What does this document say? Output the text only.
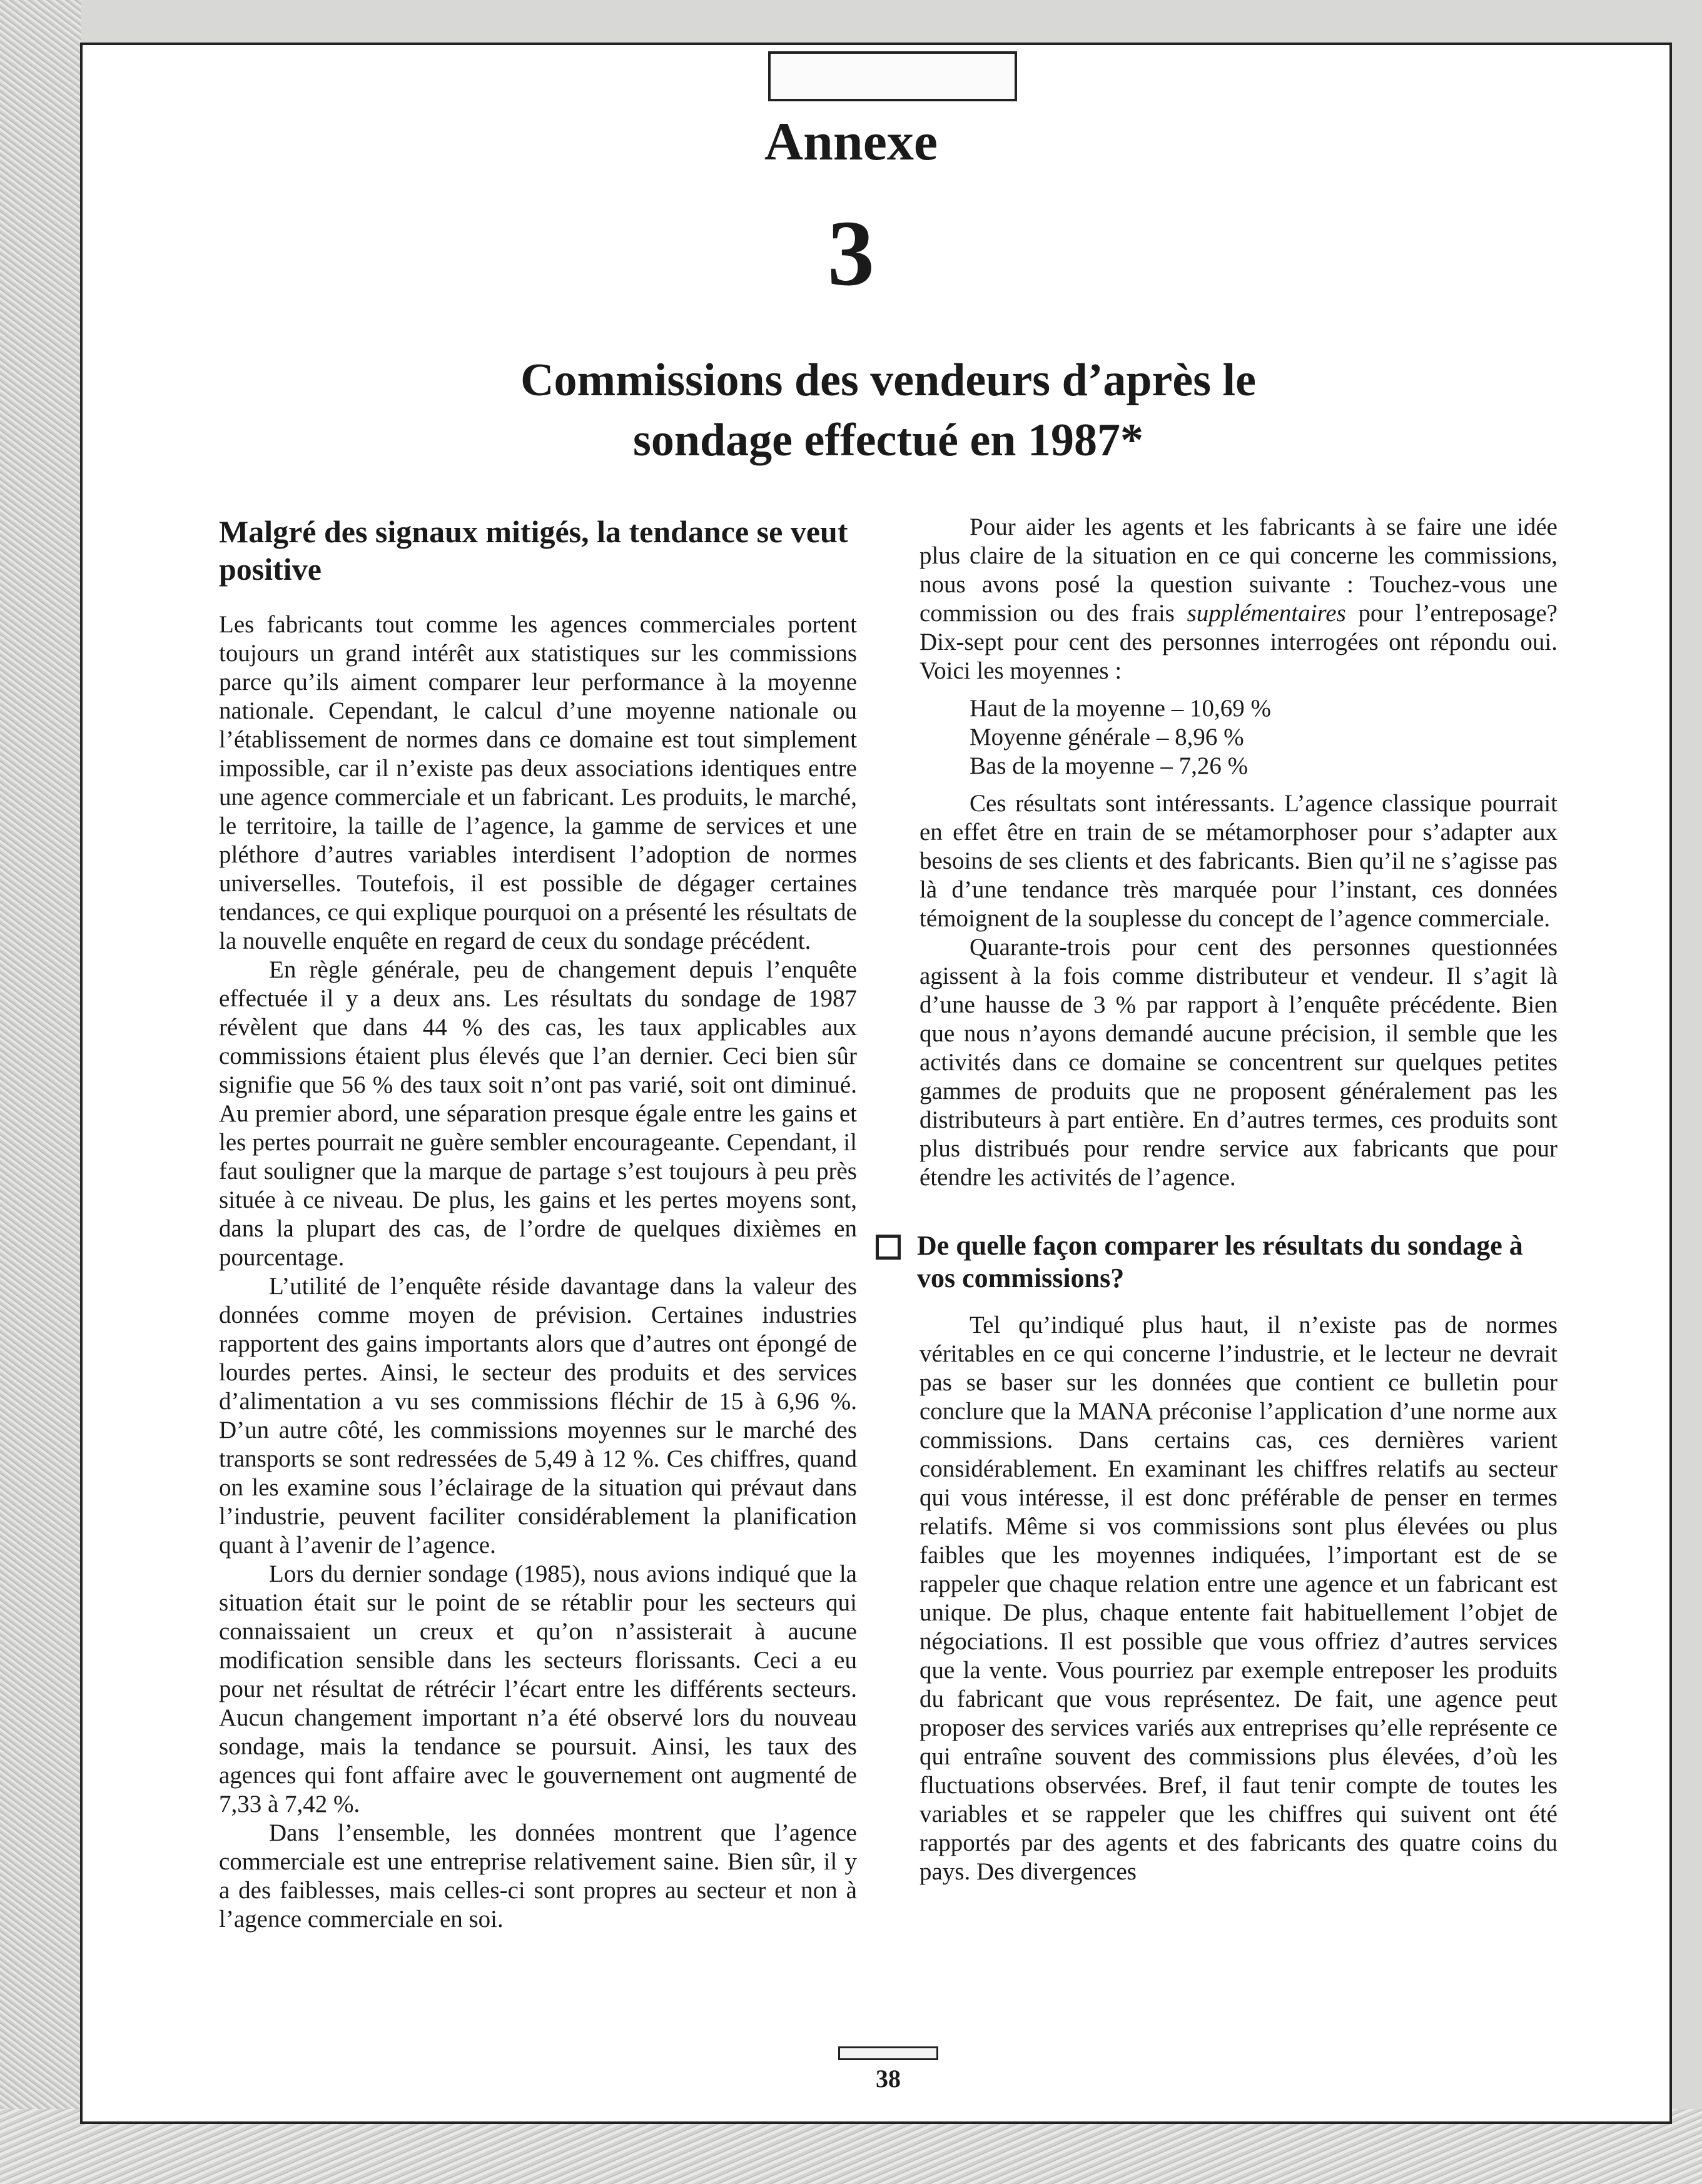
Annexe
3
Commissions des vendeurs d’après le
sondage effectué en 1987*
Malgré des signaux mitigés, la tendance se veut positive

Les fabricants tout comme les agences commerciales portent toujours un grand intérêt aux statistiques sur les commissions parce qu’ils aiment comparer leur performance à la moyenne nationale. Cependant, le calcul d’une moyenne nationale ou l’établissement de normes dans ce domaine est tout simplement impossible, car il n’existe pas deux associations identiques entre une agence commerciale et un fabricant. Les produits, le marché, le territoire, la taille de l’agence, la gamme de services et une pléthore d’autres variables interdisent l’adoption de normes universelles. Toutefois, il est possible de dégager certaines tendances, ce qui explique pourquoi on a présenté les résultats de la nouvelle enquête en regard de ceux du sondage précédent.

En règle générale, peu de changement depuis l’enquête effectuée il y a deux ans. Les résultats du sondage de 1987 révèlent que dans 44 % des cas, les taux applicables aux commissions étaient plus élevés que l’an dernier. Ceci bien sûr signifie que 56 % des taux soit n’ont pas varié, soit ont diminué. Au premier abord, une séparation presque égale entre les gains et les pertes pourrait ne guère sembler encourageante. Cependant, il faut souligner que la marque de partage s’est toujours à peu près située à ce niveau. De plus, les gains et les pertes moyens sont, dans la plupart des cas, de l’ordre de quelques dixièmes en pourcentage.

L’utilité de l’enquête réside davantage dans la valeur des données comme moyen de prévision. Certaines industries rapportent des gains importants alors que d’autres ont épongé de lourdes pertes. Ainsi, le secteur des produits et des services d’alimentation a vu ses commissions fléchir de 15 à 6,96 %. D’un autre côté, les commissions moyennes sur le marché des transports se sont redressées de 5,49 à 12 %. Ces chiffres, quand on les examine sous l’éclairage de la situation qui prévaut dans l’industrie, peuvent faciliter considérablement la planification quant à l’avenir de l’agence.

Lors du dernier sondage (1985), nous avions indiqué que la situation était sur le point de se rétablir pour les secteurs qui connaissaient un creux et qu’on n’assisterait à aucune modification sensible dans les secteurs florissants. Ceci a eu pour net résultat de rétrécir l’écart entre les différents secteurs. Aucun changement important n’a été observé lors du nouveau sondage, mais la tendance se poursuit. Ainsi, les taux des agences qui font affaire avec le gouvernement ont augmenté de 7,33 à 7,42 %.

Dans l’ensemble, les données montrent que l’agence commerciale est une entreprise relativement saine. Bien sûr, il y a des faiblesses, mais celles-ci sont propres au secteur et non à l’agence commerciale en soi.

Pour aider les agents et les fabricants à se faire une idée plus claire de la situation en ce qui concerne les commissions, nous avons posé la question suivante : Touchez-vous une commission ou des frais supplémentaires pour l’entreposage? Dix-sept pour cent des personnes interrogées ont répondu oui. Voici les moyennes :

Haut de la moyenne – 10,69 %
Moyenne générale – 8,96 %
Bas de la moyenne – 7,26 %

Ces résultats sont intéressants. L’agence classique pourrait en effet être en train de se métamorphoser pour s’adapter aux besoins de ses clients et des fabricants. Bien qu’il ne s’agisse pas là d’une tendance très marquée pour l’instant, ces données témoignent de la souplesse du concept de l’agence commerciale.

Quarante-trois pour cent des personnes questionnées agissent à la fois comme distributeur et vendeur. Il s’agit là d’une hausse de 3 % par rapport à l’enquête précédente. Bien que nous n’ayons demandé aucune précision, il semble que les activités dans ce domaine se concentrent sur quelques petites gammes de produits que ne proposent généralement pas les distributeurs à part entière. En d’autres termes, ces produits sont plus distribués pour rendre service aux fabricants que pour étendre les activités de l’agence.

De quelle façon comparer les résultats du sondage à vos commissions?

Tel qu’indiqué plus haut, il n’existe pas de normes véritables en ce qui concerne l’industrie, et le lecteur ne devrait pas se baser sur les données que contient ce bulletin pour conclure que la MANA préconise l’application d’une norme aux commissions. Dans certains cas, ces dernières varient considérablement. En examinant les chiffres relatifs au secteur qui vous intéresse, il est donc préférable de penser en termes relatifs. Même si vos commissions sont plus élevées ou plus faibles que les moyennes indiquées, l’important est de se rappeler que chaque relation entre une agence et un fabricant est unique. De plus, chaque entente fait habituellement l’objet de négociations. Il est possible que vous offriez d’autres services que la vente. Vous pourriez par exemple entreposer les produits du fabricant que vous représentez. De fait, une agence peut proposer des services variés aux entreprises qu’elle représente ce qui entraîne souvent des commissions plus élevées, d’où les fluctuations observées. Bref, il faut tenir compte de toutes les variables et se rappeler que les chiffres qui suivent ont été rapportés par des agents et des fabricants des quatre coins du pays. Des divergences

38
